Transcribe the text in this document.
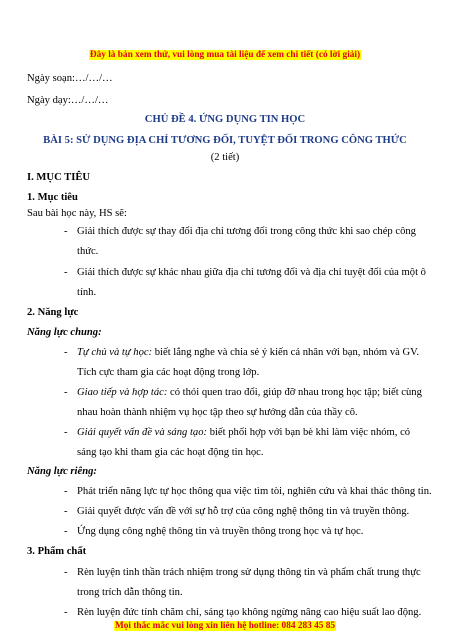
Đây là bản xem thử, vui lòng mua tài liệu để xem chi tiết (có lời giải)
Ngày soạn:…/…/…
Ngày dạy:…/…/…
CHỦ ĐỀ 4. ỨNG DỤNG TIN HỌC
BÀI 5: SỬ DỤNG ĐỊA CHỈ TƯƠNG ĐỐI, TUYỆT ĐỐI TRONG CÔNG THỨC
(2 tiết)
I. MỤC TIÊU
1. Mục tiêu
Sau bài học này, HS sẽ:
- Giải thích được sự thay đổi địa chỉ tương đối trong công thức khi sao chép công
thức.
- Giải thích được sự khác nhau giữa địa chỉ tương đối và địa chỉ tuyệt đối của một ô
tính.
2. Năng lực
Năng lực chung:
- Tự chủ và tự học: biết lắng nghe và chia sẻ ý kiến cá nhân với bạn, nhóm và GV.
Tích cực tham gia các hoạt động trong lớp.
- Giao tiếp và hợp tác: có thói quen trao đổi, giúp đỡ nhau trong học tập; biết cùng
nhau hoàn thành nhiệm vụ học tập theo sự hướng dẫn của thầy cô.
- Giải quyết vấn đề và sáng tạo: biết phối hợp với bạn bè khi làm việc nhóm, có
sáng tạo khi tham gia các hoạt động tin học.
Năng lực riêng:
- Phát triển năng lực tự học thông qua việc tìm tòi, nghiên cứu và khai thác thông tin.
- Giải quyết được vấn đề với sự hỗ trợ của công nghệ thông tin và truyền thông.
- Ứng dụng công nghệ thông tin và truyền thông trong học và tự học.
3. Phẩm chất
- Rèn luyện tinh thần trách nhiệm trong sử dụng thông tin và phẩm chất trung thực
trong trích dẫn thông tin.
- Rèn luyện đức tính chăm chỉ, sáng tạo không ngừng nâng cao hiệu suất lao động.
Mọi thắc mắc vui lòng xin liên hệ hotline: 084 283 45 85
